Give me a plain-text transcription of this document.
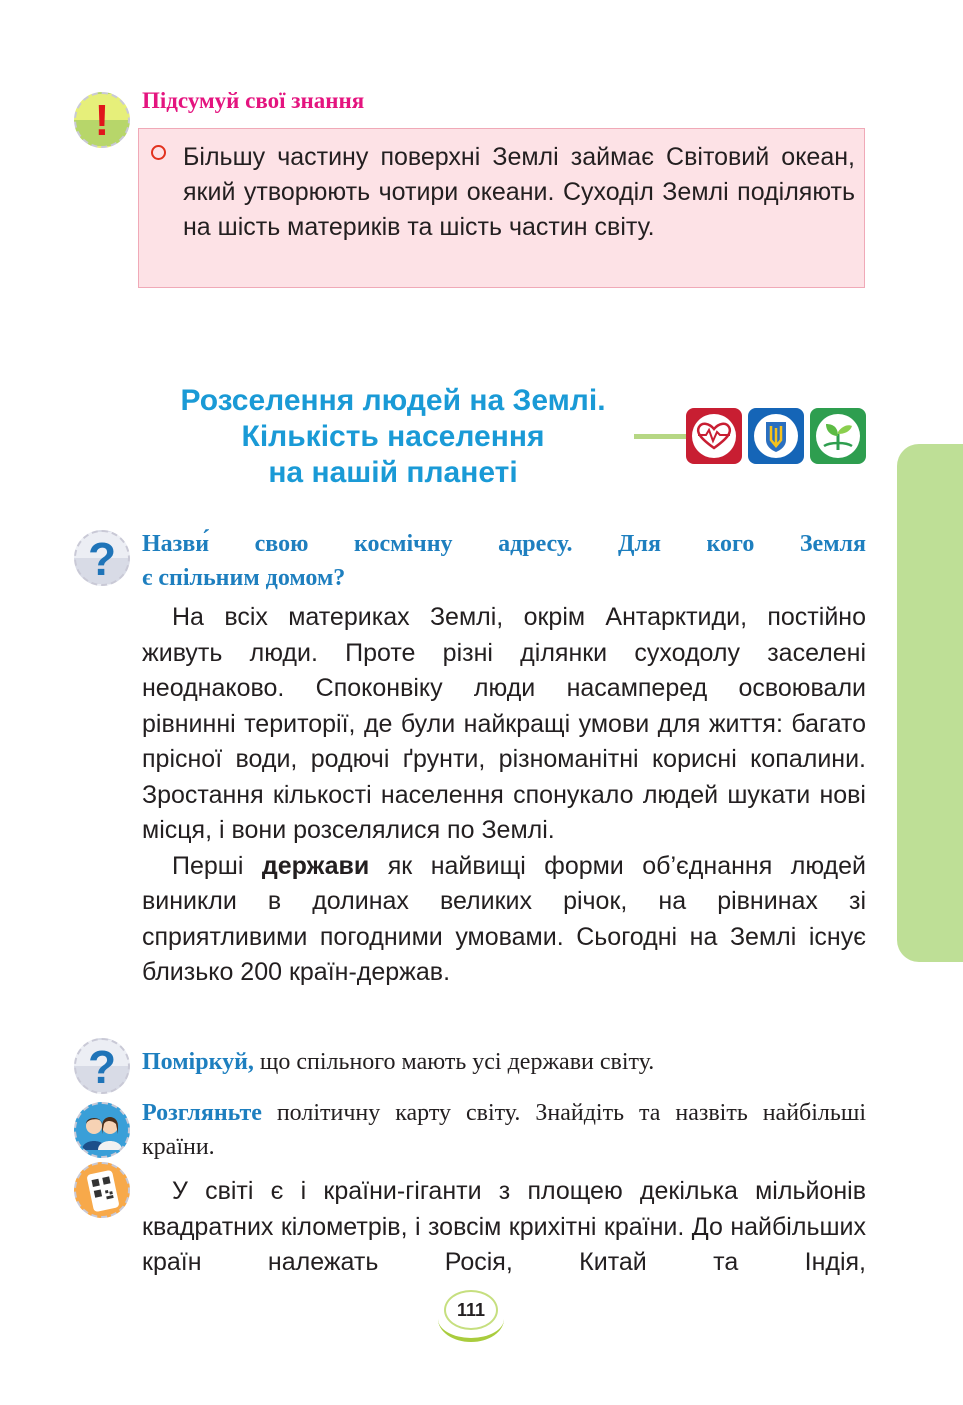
! Підсумуй свої знання
Більшу частину поверхні Землі займає Світовий океан, який утворюють чотири океани. Суходіл Землі поділяють на шість материків та шість частин світу.
Розселення людей на Землі.
Кількість населення
на нашій планеті
? Назви́ свою космічну адресу. Для кого Земля
є спільним домом?

На всіх материках Землі, окрім Антарктиди, постійно живуть люди. Проте різні ділянки суходолу заселені неоднаково. Споконвіку люди насамперед освоювали рівнинні території, де були найкращі умови для життя: багато прісної води, родючі ґрунти, різноманітні корисні копалини. Зростання кількості населення спонукало людей шукати нові місця, і вони розселялися по Землі.

Перші держави як найвищі форми об’єднання людей виникли в долинах великих річок, на рівнинах зі сприятливими погодними умовами. Сьогодні на Землі існує близько 200 країн-держав.

? Поміркуй, що спільного мають усі держави світу.
Розгляньте політичну карту світу. Знайдіть та назвіть найбільші країни.

У світі є і країни-гіганти з площею декілька мільйонів квадратних кілометрів, і зовсім крихітні країни. До найбільших країн належать Росія, Китай та Індія,

111
